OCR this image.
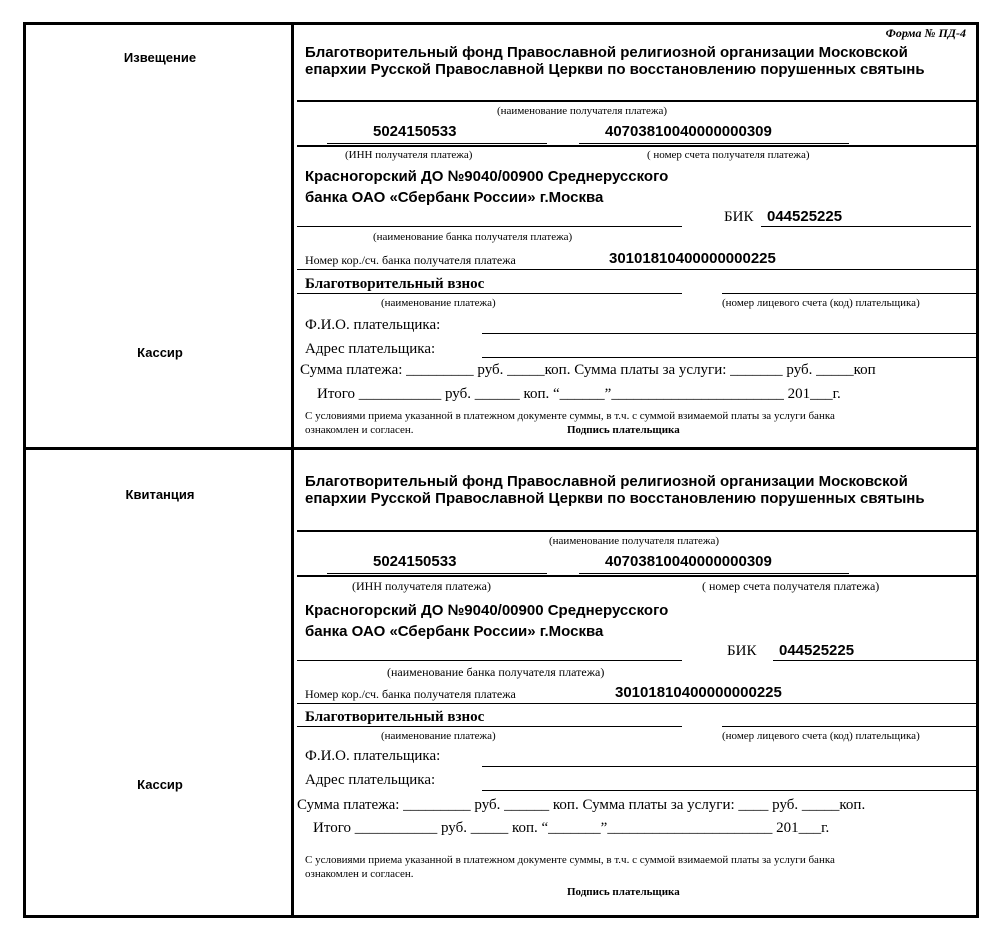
Извещение
Кассир
Форма № ПД-4
Благотворительный фонд Православной религиозной организации Московской епархии Русской Православной Церкви по восстановлению порушенных святынь
(наименование получателя платежа)
5024150533	40703810040000000309
(ИНН получателя платежа)	( номер счета получателя платежа)
Красногорский ДО №9040/00900 Среднерусского банка ОАО «Сбербанк России» г.Москва
БИК 044525225
(наименование банка получателя платежа)
Номер кор./сч. банка получателя платежа	30101810400000000225
Благотворительный взнос
(наименование платежа)	(номер лицевого счета (код) плательщика)
Ф.И.О. плательщика:
Адрес плательщика:
Сумма платежа: _________ руб. _____коп. Сумма платы за услуги: _______ руб. _____коп
Итого ___________ руб. ______ коп. “______”_______________________ 201___г.
С условиями приема указанной в платежном документе суммы, в т.ч. с суммой взимаемой платы за услуги банка
ознакомлен и согласен.	Подпись плательщика
Квитанция
Кассир
Благотворительный фонд Православной религиозной организации Московской епархии Русской Православной Церкви по восстановлению порушенных святынь
(наименование получателя платежа)
5024150533	40703810040000000309
(ИНН получателя платежа)	( номер счета получателя платежа)
Красногорский ДО №9040/00900 Среднерусского банка ОАО «Сбербанк России» г.Москва
БИК 044525225
(наименование банка получателя платежа)
Номер кор./сч. банка получателя платежа	30101810400000000225
Благотворительный взнос
(наименование платежа)	(номер лицевого счета (код) плательщика)
Ф.И.О. плательщика:
Адрес плательщика:
Сумма платежа: _________ руб. ______ коп. Сумма платы за услуги: ____ руб. _____коп.
Итого ___________ руб. _____ коп. “_______”______________________ 201___г.
С условиями приема указанной в платежном документе суммы, в т.ч. с суммой взимаемой платы за услуги банка
ознакомлен и согласен.
Подпись плательщика
